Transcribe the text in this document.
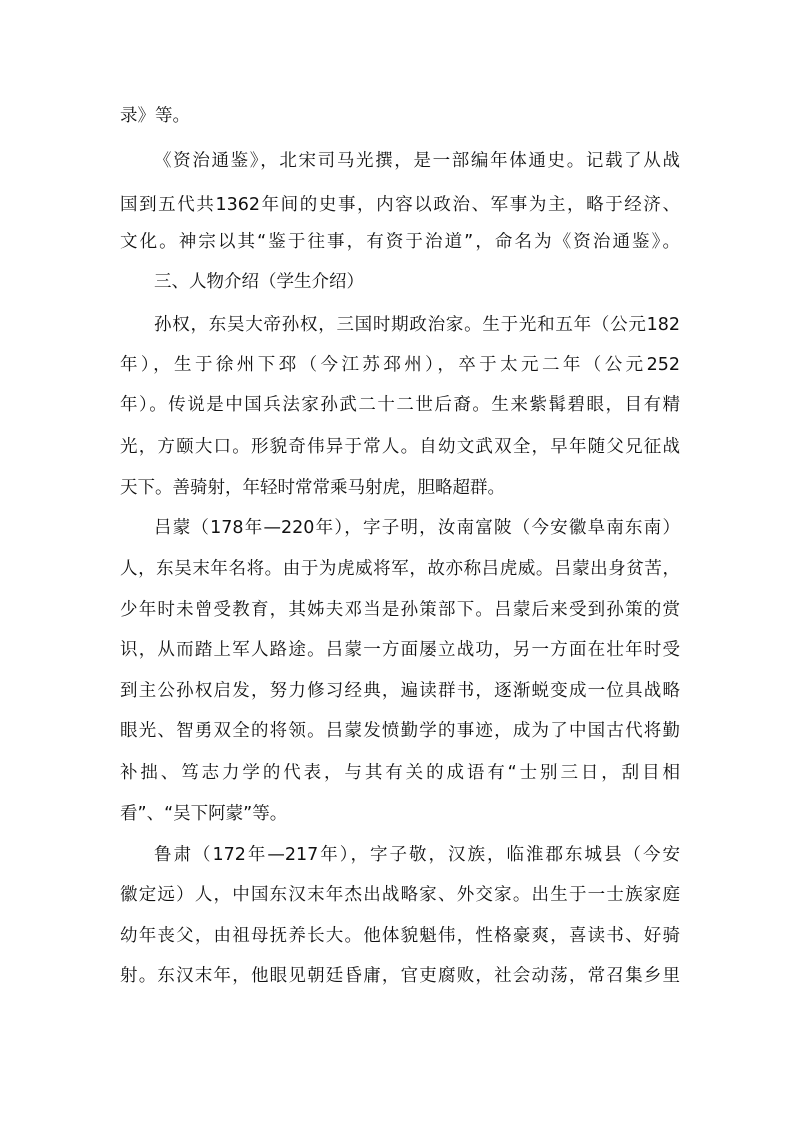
录》等。
《资治通鉴》，北宋司马光撰，是一部编年体通史。记载了从战
国到五代共1362年间的史事，内容以政治、军事为主，略于经济、
文化。神宗以其“鉴于往事，有资于治道”，命名为《资治通鉴》。
三、人物介绍（学生介绍）
孙权，东吴大帝孙权，三国时期政治家。生于光和五年（公元182
年），生于徐州下邳（今江苏邳州），卒于太元二年（公元252
年）。传说是中国兵法家孙武二十二世后裔。生来紫髯碧眼，目有精
光，方颐大口。形貌奇伟异于常人。自幼文武双全，早年随父兄征战
天下。善骑射，年轻时常常乘马射虎，胆略超群。
吕蒙（178年—220年），字子明，汝南富陂（今安徽阜南东南）
人，东吴末年名将。由于为虎威将军，故亦称吕虎威。吕蒙出身贫苦，
少年时未曾受教育，其姊夫邓当是孙策部下。吕蒙后来受到孙策的赏
识，从而踏上军人路途。吕蒙一方面屡立战功，另一方面在壮年时受
到主公孙权启发，努力修习经典，遍读群书，逐渐蜕变成一位具战略
眼光、智勇双全的将领。吕蒙发愤勤学的事迹，成为了中国古代将勤
补拙、笃志力学的代表，与其有关的成语有“士别三日，刮目相
看”、“吴下阿蒙”等。
鲁肃（172年—217年），字子敬，汉族，临淮郡东城县（今安
徽定远）人，中国东汉末年杰出战略家、外交家。出生于一士族家庭
幼年丧父，由祖母抚养长大。他体貌魁伟，性格豪爽，喜读书、好骑
射。东汉末年，他眼见朝廷昏庸，官吏腐败，社会动荡，常召集乡里
